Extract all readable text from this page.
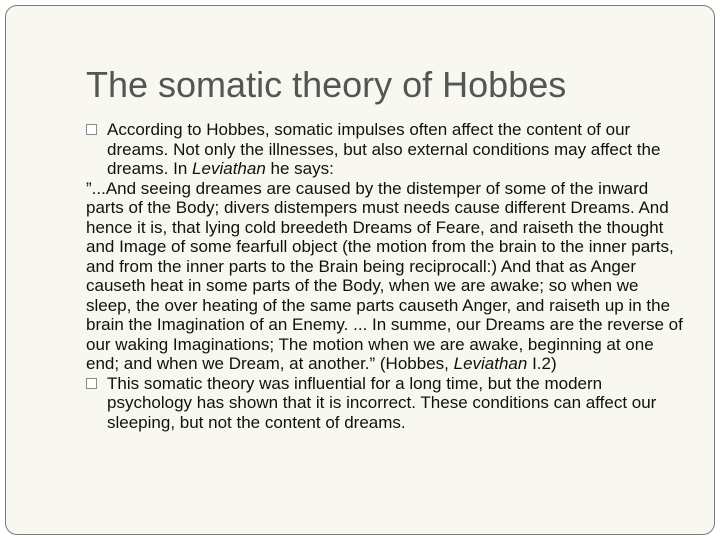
The somatic theory of Hobbes
According to Hobbes, somatic impulses often affect the content of our dreams. Not only the illnesses, but also external conditions may affect the dreams. In Leviathan he says:

”...And seeing dreames are caused by the distemper of some of the inward parts of the Body; divers distempers must needs cause different Dreams. And hence it is, that lying cold breedeth Dreams of Feare, and raiseth the thought and Image of some fearfull object (the motion from the brain to the inner parts, and from the inner parts to the Brain being reciprocall:) And that as Anger causeth heat in some parts of the Body, when we are awake; so when we sleep, the over heating of the same parts causeth Anger, and raiseth up in the brain the Imagination of an Enemy. ... In summe, our Dreams are the reverse of our waking Imaginations; The motion when we are awake, beginning at one end; and when we Dream, at another.” (Hobbes, Leviathan I.2)

This somatic theory was influential for a long time, but the modern psychology has shown that it is incorrect. These conditions can affect our sleeping, but not the content of dreams.
